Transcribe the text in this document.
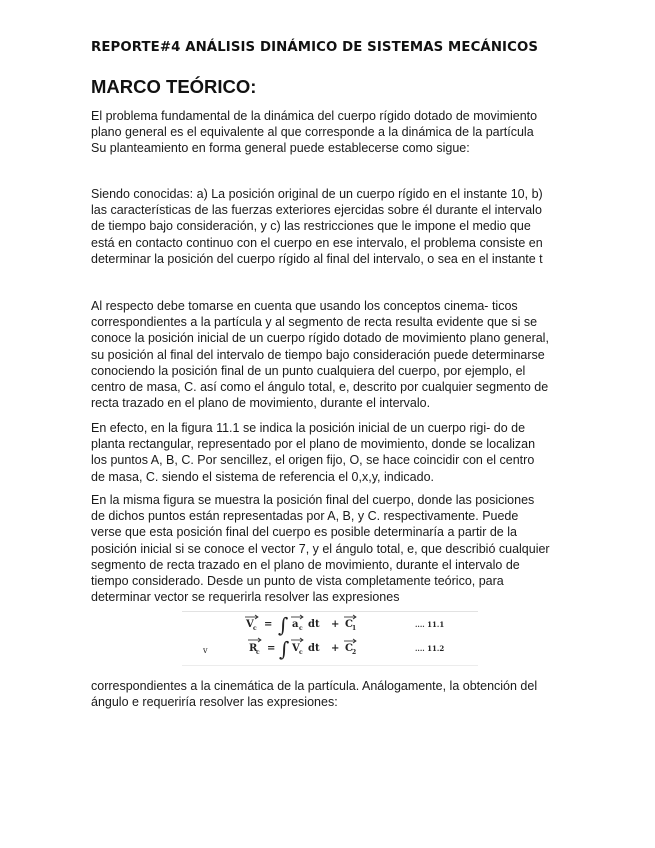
REPORTE#4 ANÁLISIS DINÁMICO DE SISTEMAS MECÁNICOS
MARCO TEÓRICO:
El problema fundamental de la dinámica del cuerpo rígido dotado de movimiento
plano general es el equivalente al que corresponde a la dinámica de la partícula
Su planteamiento en forma general puede establecerse como sigue:
Siendo conocidas: a) La posición original de un cuerpo rígido en el instante 10, b)
las características de las fuerzas exteriores ejercidas sobre él durante el intervalo
de tiempo bajo consideración, y c) las restricciones que le impone el medio que
está en contacto continuo con el cuerpo en ese intervalo, el problema consiste en
determinar la posición del cuerpo rígido al final del intervalo, o sea en el instante t
Al respecto debe tomarse en cuenta que usando los conceptos cinema- ticos
correspondientes a la partícula y al segmento de recta resulta evidente que si se
conoce la posición inicial de un cuerpo rígido dotado de movimiento plano general,
su posición al final del intervalo de tiempo bajo consideración puede determinarse
conociendo la posición final de un punto cualquiera del cuerpo, por ejemplo, el
centro de masa, C. así como el ángulo total, e, descrito por cualquier segmento de
recta trazado en el plano de movimiento, durante el intervalo.
En efecto, en la figura 11.1 se indica la posición inicial de un cuerpo rigi- do de
planta rectangular, representado por el plano de movimiento, donde se localizan
los puntos A, B, C. Por sencillez, el origen fijo, O, se hace coincidir con el centro
de masa, C. siendo el sistema de referencia el 0,x,y, indicado.
En la misma figura se muestra la posición final del cuerpo, donde las posiciones
de dichos puntos están representadas por A, B, y C. respectivamente. Puede
verse que esta posición final del cuerpo es posible determinaría a partir de la
posición inicial si se conoce el vector 7, y el ángulo total, e, que describió cualquier
segmento de recta trazado en el plano de movimiento, durante el intervalo de
tiempo considerado. Desde un punto de vista completamente teórico, para
determinar vector se requerirla resolver las expresiones
V c = ∫ a c dt + C 1	.... 11.1
v	R
c = ∫ V c dt + C 2	.... 11.2
correspondientes a la cinemática de la partícula. Análogamente, la obtención del
ángulo e requeriría resolver las expresiones:
